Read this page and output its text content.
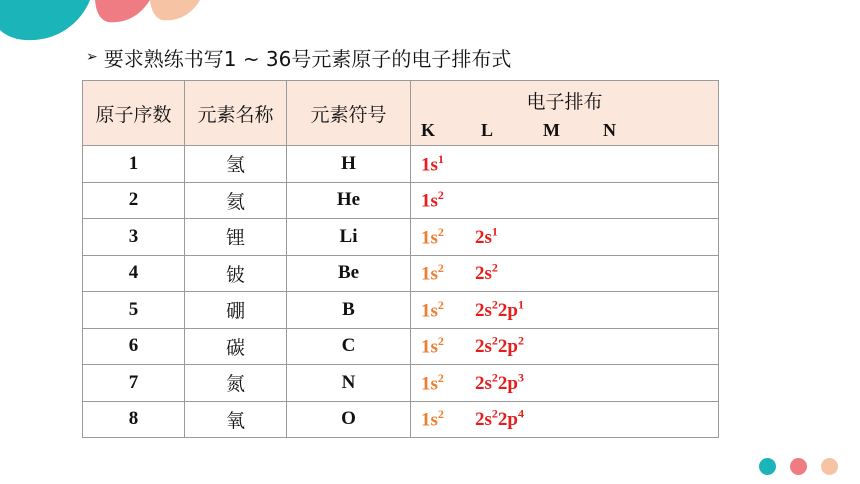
➢ 要求熟练书写1 ~ 36号元素原子的电子排布式
原子序数	元素名称	元素符号	电子排布
K L M N

1	氢	H	$1s^1$
2	氦	He	$1s^2$
3	锂	Li	$1s^2$ $2s^1$
4	铍	Be	$1s^2$ $2s^2$
5	硼	B	$1s^2$ $2s^22p^1$
6	碳	C	$1s^2$ $2s^22p^2$
7	氮	N	$1s^2$ $2s^22p^3$
8	氧	O	$1s^2$ $2s^22p^4$
